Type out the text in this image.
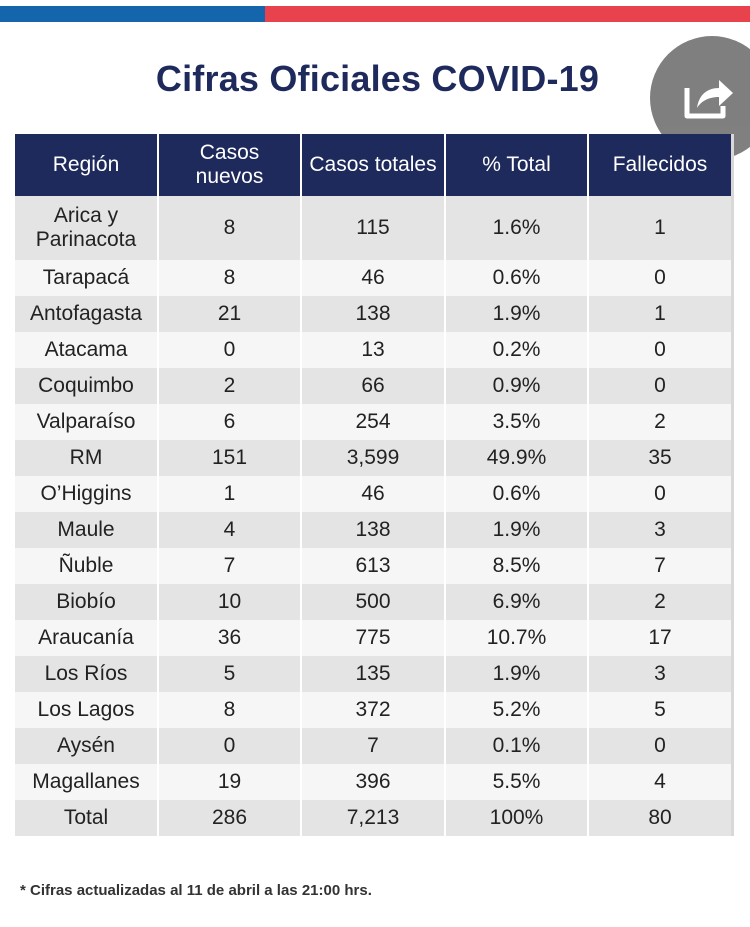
Cifras Oficiales COVID-19
Región	Casos nuevos	Casos totales	% Total	Fallecidos
Arica y Parinacota	8	115	1.6%	1
Tarapacá	8	46	0.6%	0
Antofagasta	21	138	1.9%	1
Atacama	0	13	0.2%	0
Coquimbo	2	66	0.9%	0
Valparaíso	6	254	3.5%	2
RM	151	3,599	49.9%	35
O’Higgins	1	46	0.6%	0
Maule	4	138	1.9%	3
Ñuble	7	613	8.5%	7
Biobío	10	500	6.9%	2
Araucanía	36	775	10.7%	17
Los Ríos	5	135	1.9%	3
Los Lagos	8	372	5.2%	5
Aysén	0	7	0.1%	0
Magallanes	19	396	5.5%	4
Total	286	7,213	100%	80
* Cifras actualizadas al 11 de abril a las 21:00 hrs.
